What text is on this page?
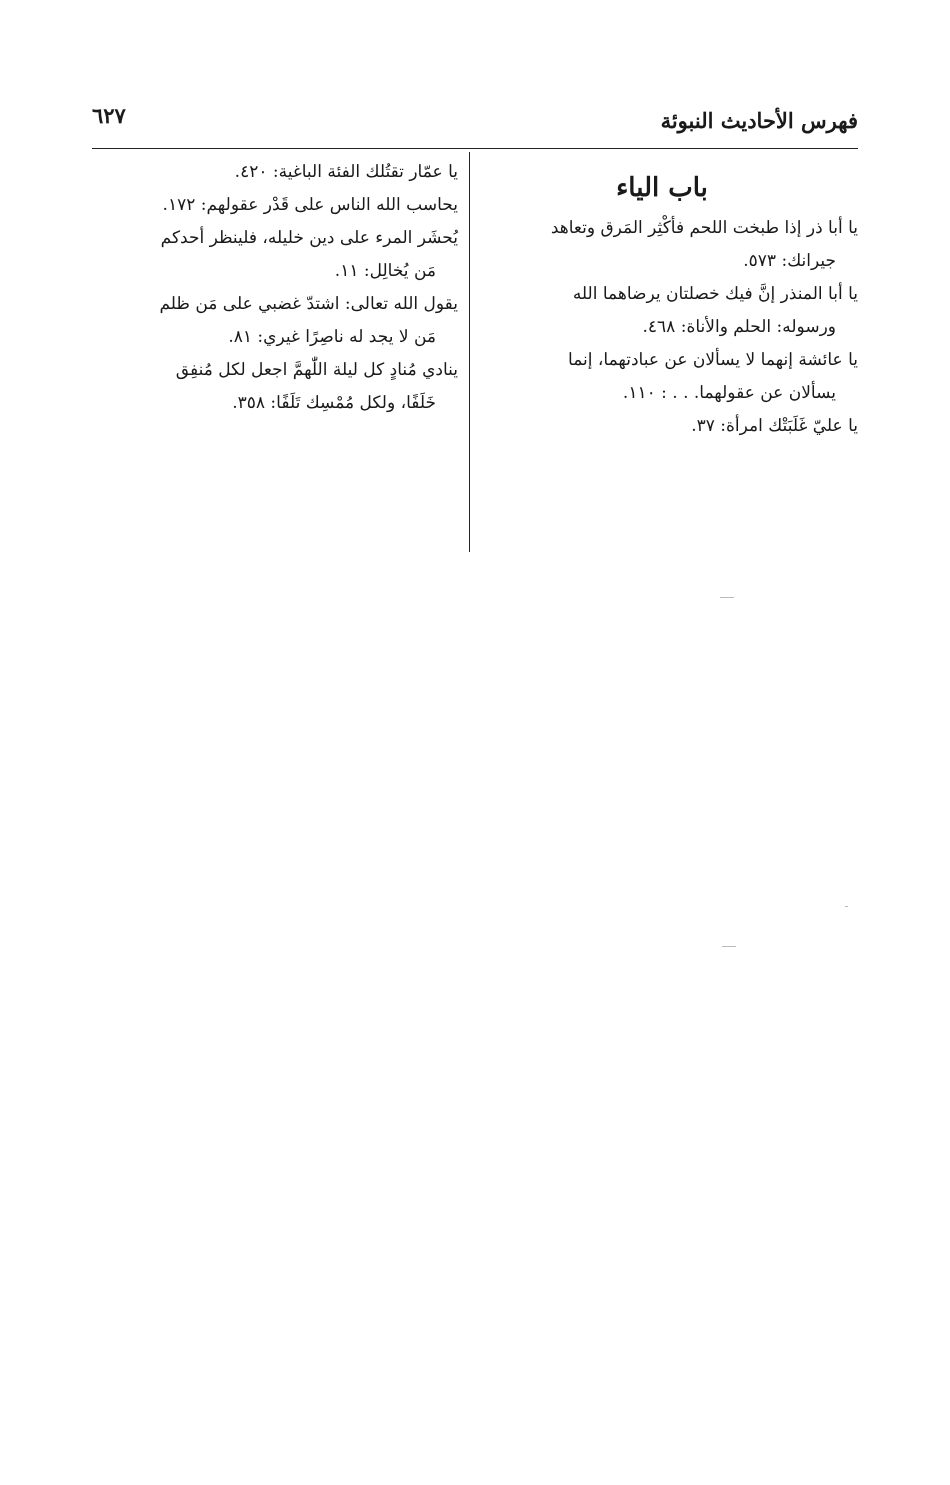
فهرس الأحاديث النبوئة
٦٢٧
باب الياء
يا أبا ذر إذا طبخت اللحم فأكْثِر المَرق وتعاهد
جيرانك: ٥٧٣.
يا أبا المنذر إنَّ فيك خصلتان يرضاهما الله
ورسوله: الحلم والأناة: ٤٦٨.
يا عائشة إنهما لا يسألان عن عبادتهما، إنما
يسألان عن عقولهما. . . : ١١٠.
يا عليّ غَلَبَتْك امرأة: ٣٧.
يا عمّار تقتُلك الفئة الباغية: ٤٢٠.
يحاسب الله الناس على قَدْر عقولهم: ١٧٢.
يُحشَر المرء على دين خليله، فلينظر أحدكم
مَن يُخالِل: ١١.
يقول الله تعالى: اشتدّ غضبي على مَن ظلم
مَن لا يجد له ناصِرًا غيري: ٨١.
ينادي مُنادٍ كل ليلة اللّٰهمَّ اجعل لكل مُنفِق
خَلَفًا، ولكل مُمْسِك تَلَفًا: ٣٥٨.
